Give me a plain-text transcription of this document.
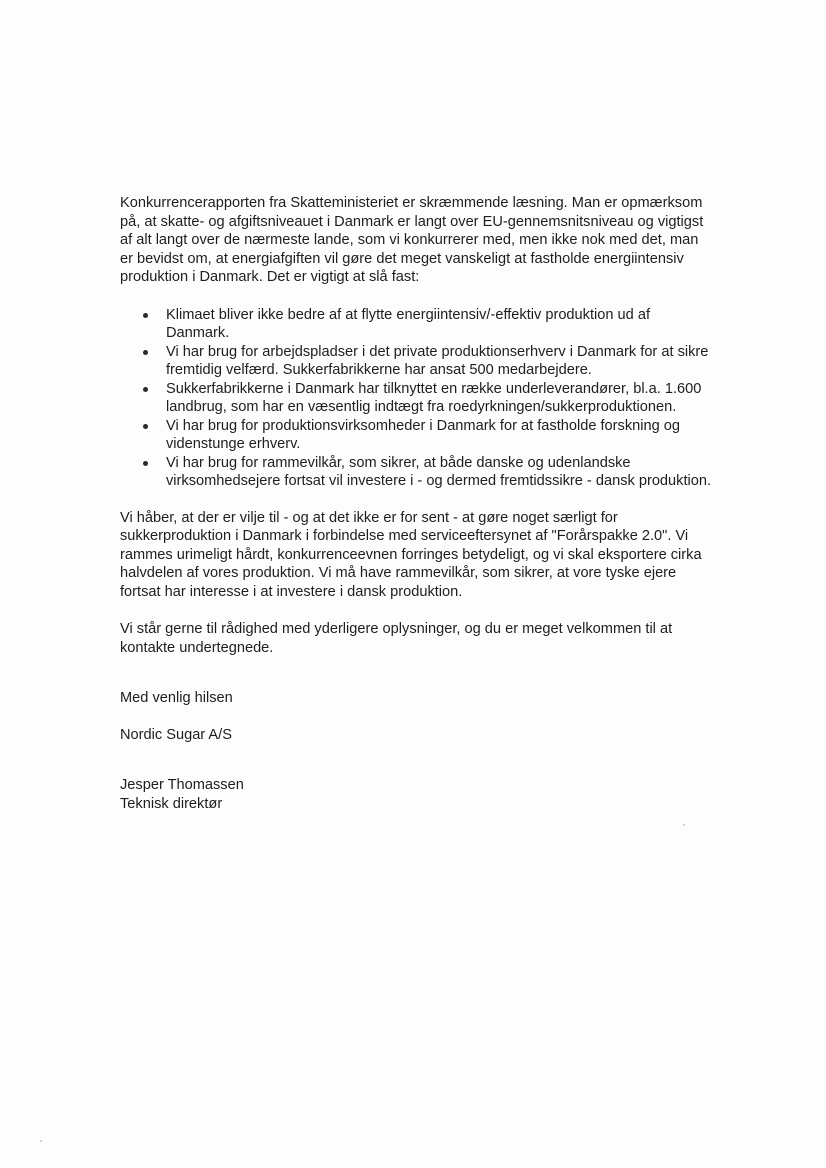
Konkurrencerapporten fra Skatteministeriet er skræmmende læsning. Man er opmærksom på, at skatte- og afgiftsniveauet i Danmark er langt over EU-gennemsnitsniveau og vigtigst af alt langt over de nærmeste lande, som vi konkurrerer med, men ikke nok med det, man er bevidst om, at energiafgiften vil gøre det meget vanskeligt at fastholde energiintensiv produktion i Danmark. Det er vigtigt at slå fast:

Klimaet bliver ikke bedre af at flytte energiintensiv/-effektiv produktion ud af Danmark.
Vi har brug for arbejdspladser i det private produktionserhverv i Danmark for at sikre fremtidig velfærd. Sukkerfabrikkerne har ansat 500 medarbejdere.
Sukkerfabrikkerne i Danmark har tilknyttet en række underleverandører, bl.a. 1.600 landbrug, som har en væsentlig indtægt fra roedyrkningen/sukkerproduktionen.
Vi har brug for produktionsvirksomheder i Danmark for at fastholde forskning og videnstunge erhverv.
Vi har brug for rammevilkår, som sikrer, at både danske og udenlandske virksomhedsejere fortsat vil investere i - og dermed fremtidssikre - dansk produktion.

Vi håber, at der er vilje til - og at det ikke er for sent - at gøre noget særligt for sukkerproduktion i Danmark i forbindelse med serviceeftersynet af "Forårspakke 2.0". Vi rammes urimeligt hårdt, konkurrenceevnen forringes betydeligt, og vi skal eksportere cirka halvdelen af vores produktion. Vi må have rammevilkår, som sikrer, at vore tyske ejere fortsat har interesse i at investere i dansk produktion.

Vi står gerne til rådighed med yderligere oplysninger, og du er meget velkommen til at kontakte undertegnede.

Med venlig hilsen

Nordic Sugar A/S

Jesper Thomassen

Teknisk direktør
